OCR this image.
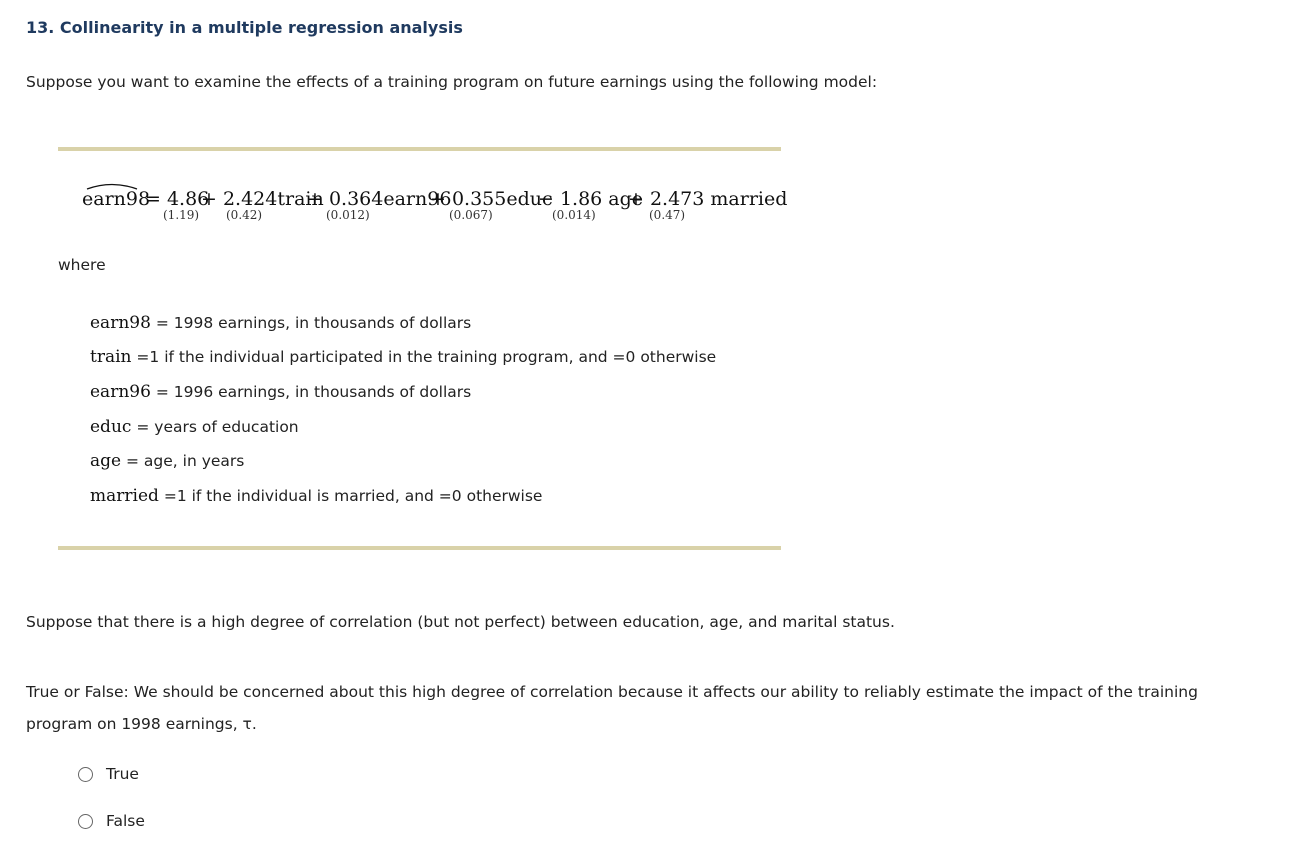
13. Collinearity in a multiple regression analysis

Suppose you want to examine the effects of a training program on future earnings using the following model:

earn98
= 4.86
(1.19)
+ 2.424train
(0.42)
+ 0.364earn96
(0.012)
+ 0.355educ
(0.067)
− 1.86 age
(0.014)
+ 2.473 married
(0.47)
where
earn98 = 1998 earnings, in thousands of dollars
train =1 if the individual participated in the training program, and =0 otherwise
earn96 = 1996 earnings, in thousands of dollars
educ = years of education
age = age, in years
married =1 if the individual is married, and =0 otherwise

Suppose that there is a high degree of correlation (but not perfect) between education, age, and marital status.

True or False: We should be concerned about this high degree of correlation because it affects our ability to reliably estimate the impact of the training program on 1998 earnings, τ.

True
False
